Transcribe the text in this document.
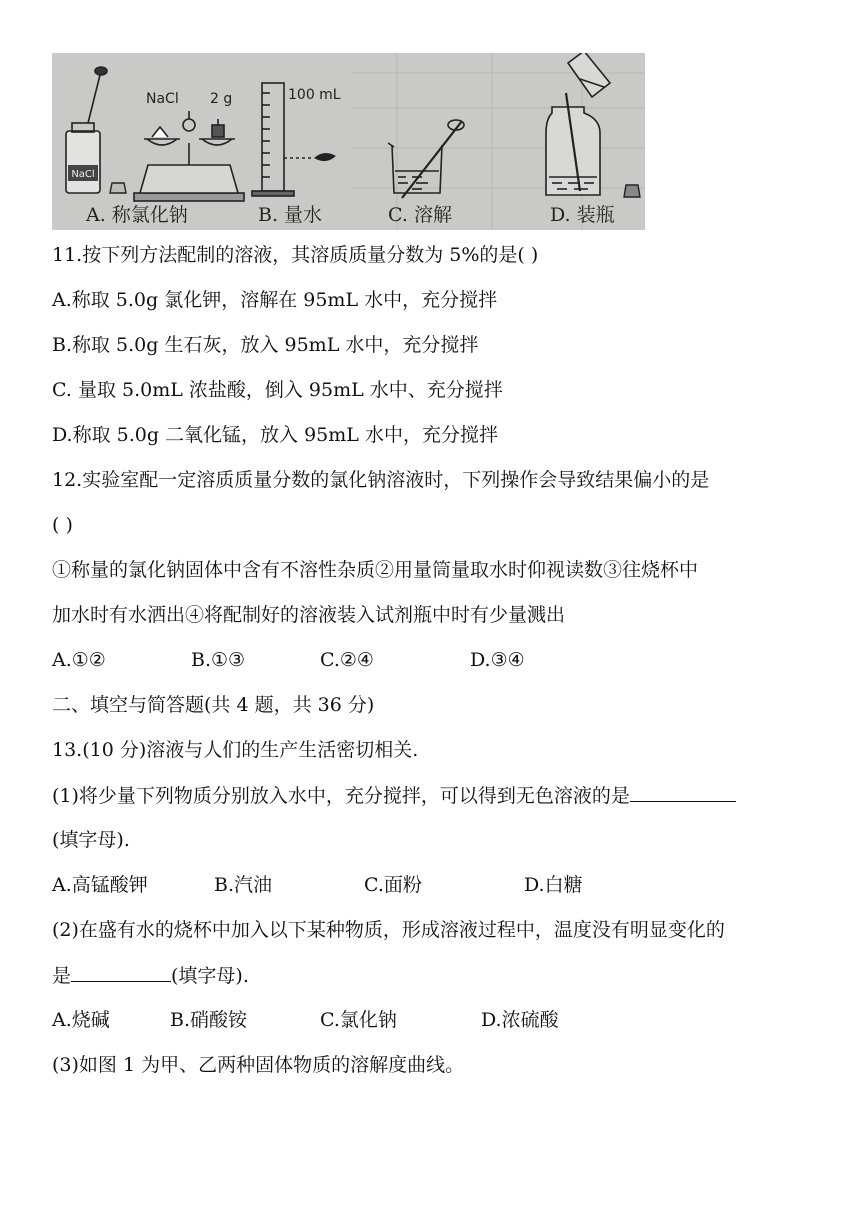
NaCl
NaCl 2 g	100 mL
A. 称氯化钠	B. 量水	C. 溶解	D. 装瓶
11.按下列方法配制的溶液，其溶质质量分数为 5%的是( )
A.称取 5.0g 氯化钾，溶解在 95mL 水中，充分搅拌
B.称取 5.0g 生石灰，放入 95mL 水中，充分搅拌
C. 量取 5.0mL 浓盐酸，倒入 95mL 水中、充分搅拌
D.称取 5.0g 二氧化锰，放入 95mL 水中，充分搅拌
12.实验室配一定溶质质量分数的氯化钠溶液时，下列操作会导致结果偏小的是
( )
①称量的氯化钠固体中含有不溶性杂质②用量筒量取水时仰视读数③往烧杯中
加水时有水洒出④将配制好的溶液装入试剂瓶中时有少量溅出
A.①②	B.①③	C.②④	D.③④
二、填空与简答题(共 4 题，共 36 分)
13.(10 分)溶液与人们的生产生活密切相关.
(1)将少量下列物质分别放入水中，充分搅拌，可以得到无色溶液的是
(填字母).
A.高锰酸钾	B.汽油	C.面粉	D.白糖
(2)在盛有水的烧杯中加入以下某种物质，形成溶液过程中，温度没有明显变化的
是	(填字母).
A.烧碱	B.硝酸铵	C.氯化钠	D.浓硫酸
(3)如图 1 为甲、乙两种固体物质的溶解度曲线。
